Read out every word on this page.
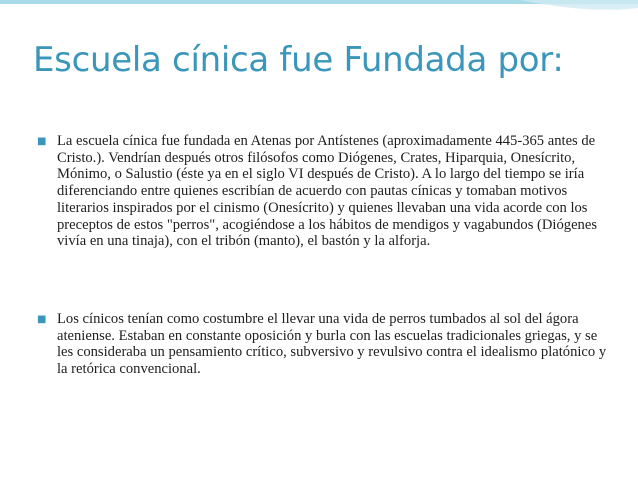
Escuela cínica fue Fundada por:
■ La escuela cínica fue fundada en Atenas por Antístenes (aproximadamente 445-365 antes de Cristo.). Vendrían después otros filósofos como Diógenes, Crates, Hiparquia, Onesícrito, Mónimo, o Salustio (éste ya en el siglo VI después de Cristo). A lo largo del tiempo se iría diferenciando entre quienes escribían de acuerdo con pautas cínicas y tomaban motivos literarios inspirados por el cinismo (Onesícrito) y quienes llevaban una vida acorde con los preceptos de estos "perros", acogiéndose a los hábitos de mendigos y vagabundos (Diógenes vivía en una tinaja), con el tribón (manto), el bastón y la alforja.
■ Los cínicos tenían como costumbre el llevar una vida de perros tumbados al sol del ágora ateniense. Estaban en constante oposición y burla con las escuelas tradicionales griegas, y se les consideraba un pensamiento crítico, subversivo y revulsivo contra el idealismo platónico y la retórica convencional.
